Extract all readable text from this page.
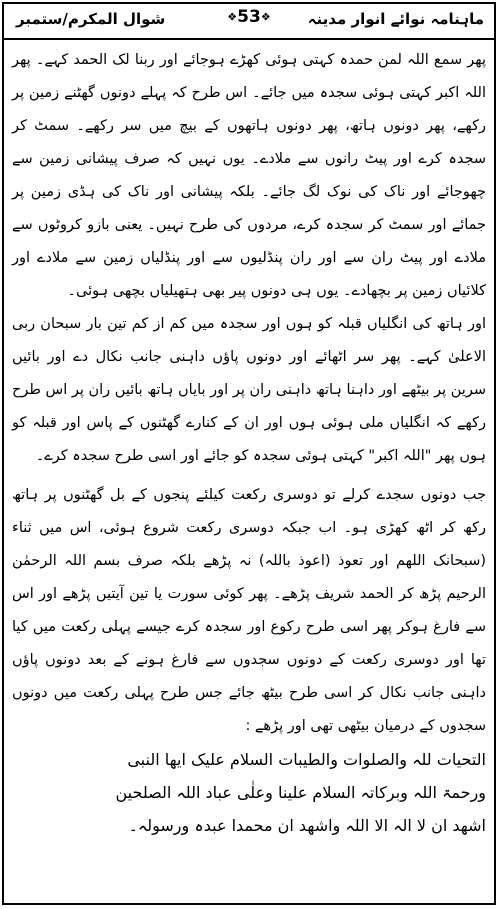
ماہنامہ نوائے انوار مدینہ
❖53❖
شوال المکرم/ستمبر

پھر سمع اللہ لمن حمدہ کہتی ہوئی کھڑے ہوجائے اور ربنا لک الحمد کہے۔ پھر اللہ اکبر کہتی ہوئی سجدہ میں جائے۔ اس طرح کہ پہلے دونوں گھٹنے زمین پر رکھے، پھر دونوں ہاتھ، پھر دونوں ہاتھوں کے بیچ میں سر رکھے۔ سمٹ کر سجدہ کرے اور پیٹ رانوں سے ملادے۔ یوں نہیں کہ صرف پیشانی زمین سے چھوجائے اور ناک کی نوک لگ جائے۔ بلکہ پیشانی اور ناک کی ہڈی زمین پر جمائے اور سمٹ کر سجدہ کرے، مردوں کی طرح نہیں۔ یعنی بازو کروٹوں سے ملادے اور پیٹ ران سے اور ران پنڈلیوں سے اور پنڈلیاں زمین سے ملادے اور کلائیاں زمین پر بچھادے۔ یوں ہی دونوں پیر بھی ہتھیلیاں بچھی ہوئی۔

اور ہاتھ کی انگلیاں قبلہ کو ہوں اور سجدہ میں کم از کم تین بار سبحان ربی الاعلیٰ کہے۔ پھر سر اٹھائے اور دونوں پاؤں داہنی جانب نکال دے اور بائیں سرین پر بیٹھے اور داہنا ہاتھ داہنی ران پر اور بایاں ہاتھ بائیں ران پر اس طرح رکھے کہ انگلیاں ملی ہوئی ہوں اور ان کے کنارے گھٹنوں کے پاس اور قبلہ کو ہوں پھر "اللہ اکبر" کہتی ہوئی سجدہ کو جائے اور اسی طرح سجدہ کرے۔

جب دونوں سجدے کرلے تو دوسری رکعت کیلئے پنجوں کے بل گھٹنوں پر ہاتھ رکھ کر اٹھ کھڑی ہو۔ اب جبکہ دوسری رکعت شروع ہوئی، اس میں ثناء (سبحانک اللھم اور تعوذ (اعوذ باللہ) نہ پڑھے بلکہ صرف بسم اللہ الرحمٰن الرحیم پڑھ کر الحمد شریف پڑھے۔ پھر کوئی سورت یا تین آیتیں پڑھے اور اس سے فارغ ہوکر پھر اسی طرح رکوع اور سجدہ کرے جیسے پہلی رکعت میں کیا تھا اور دوسری رکعت کے دونوں سجدوں سے فارغ ہونے کے بعد دونوں پاؤں داہنی جانب نکال کر اسی طرح بیٹھ جائے جس طرح پہلی رکعت میں دونوں سجدوں کے درمیان بیٹھی تھی اور پڑھے :

التحیات للہ والصلوات والطیبات السلام علیک ایھا النبی

ورحمۃ اللہ وبرکاتہ السلام علینا وعلٰی عباد اللہ الصلحین

اشھد ان لا الہ الا اللہ واشھد ان محمدا عبدہ ورسولہ۔
